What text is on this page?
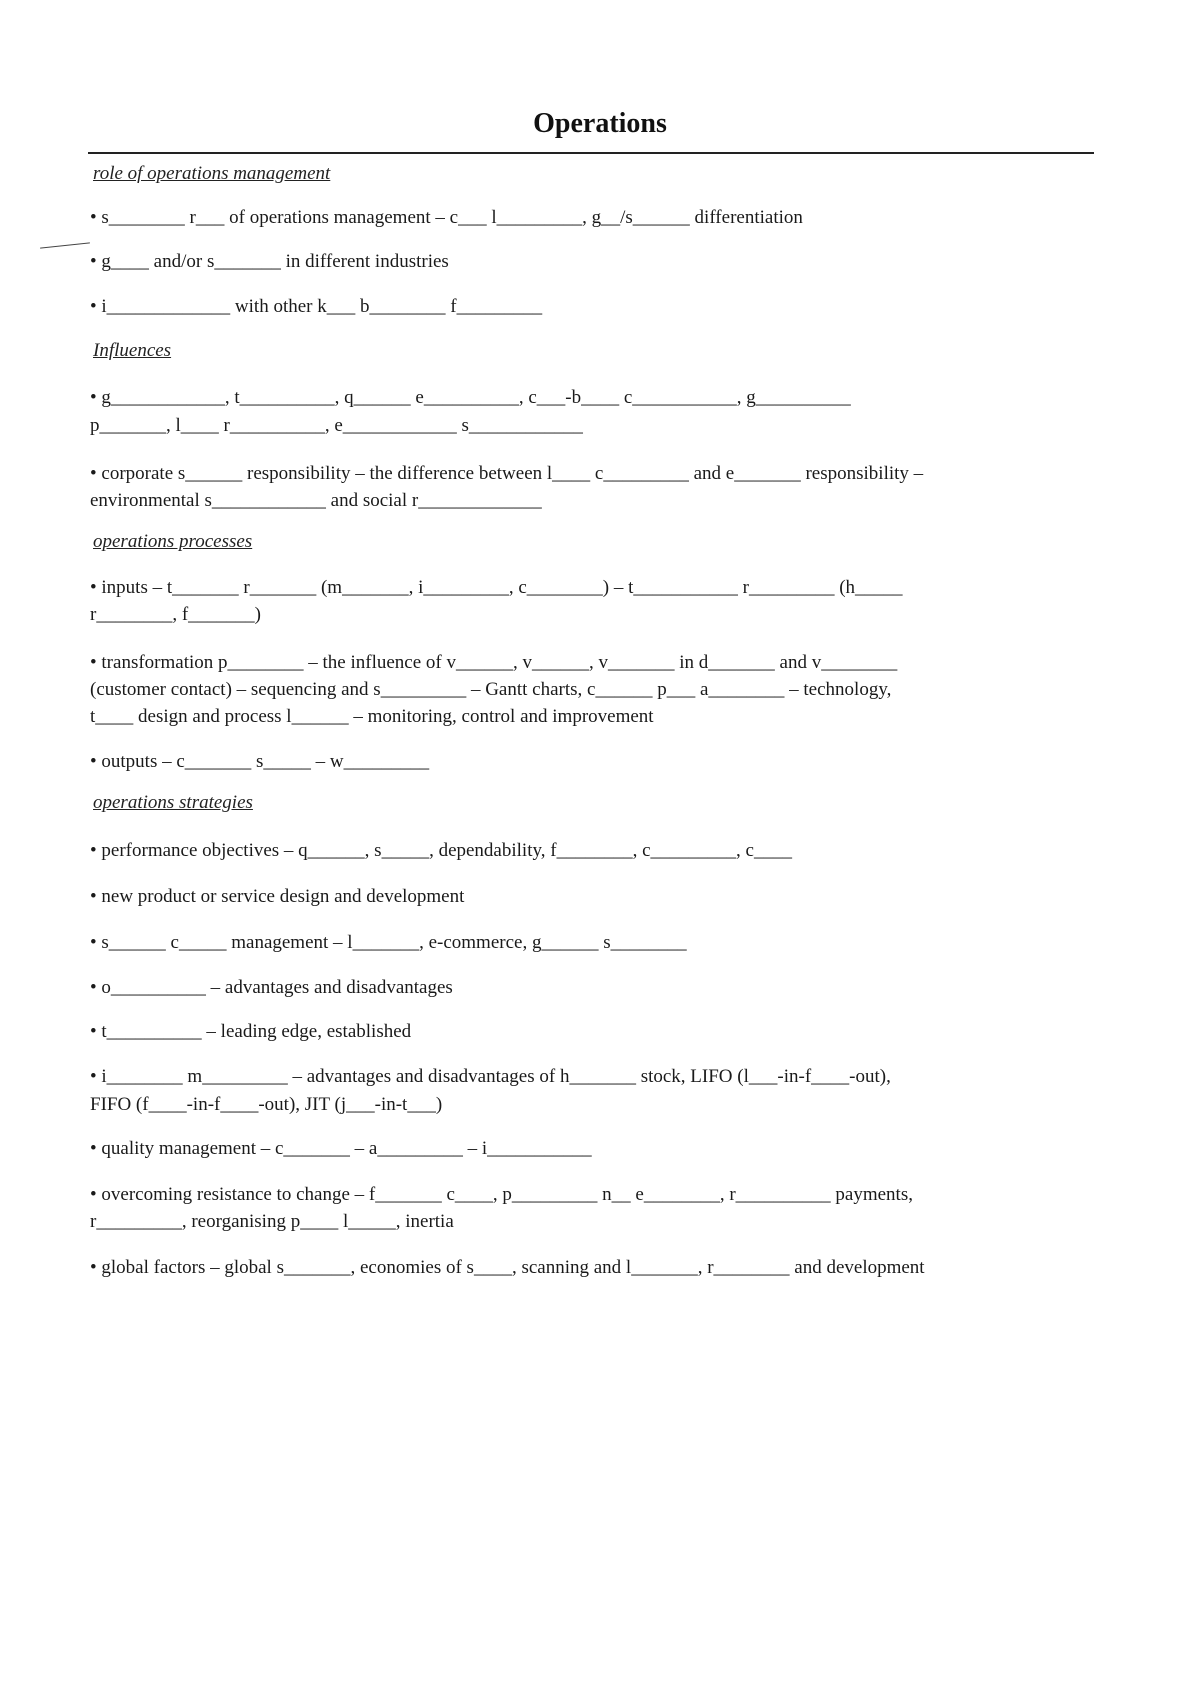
Operations
role of operations management
• s________ r___ of operations management – c___ l_________, g__/s______ differentiation
• g____ and/or s_______ in different industries
• i_____________ with other k___ b________ f_________
Influences
• g____________, t__________, q______ e__________, c___-b____ c___________, g__________
p_______, l____ r__________, e____________ s____________
• corporate s______ responsibility – the difference between l____ c_________ and e_______ responsibility –
environmental s____________ and social r_____________
operations processes
• inputs – t_______ r_______ (m_______, i_________, c________) – t___________ r_________ (h_____
r________, f_______)
• transformation p________ – the influence of v______, v______, v_______ in d_______ and v________
(customer contact) – sequencing and s_________ – Gantt charts, c______ p___ a________ – technology,
t____ design and process l______ – monitoring, control and improvement
• outputs – c_______ s_____ – w_________
operations strategies
• performance objectives – q______, s_____, dependability, f________, c_________, c____
• new product or service design and development
• s______ c_____ management – l_______, e-commerce, g______ s________
• o__________ – advantages and disadvantages
• t__________ – leading edge, established
• i________ m_________ – advantages and disadvantages of h_______ stock, LIFO (l___-in-f____-out),
FIFO (f____-in-f____-out), JIT (j___-in-t___)
• quality management – c_______ – a_________ – i___________
• overcoming resistance to change – f_______ c____, p_________ n__ e________, r__________ payments,
r_________, reorganising p____ l_____, inertia
• global factors – global s_______, economies of s____, scanning and l_______, r________ and development
